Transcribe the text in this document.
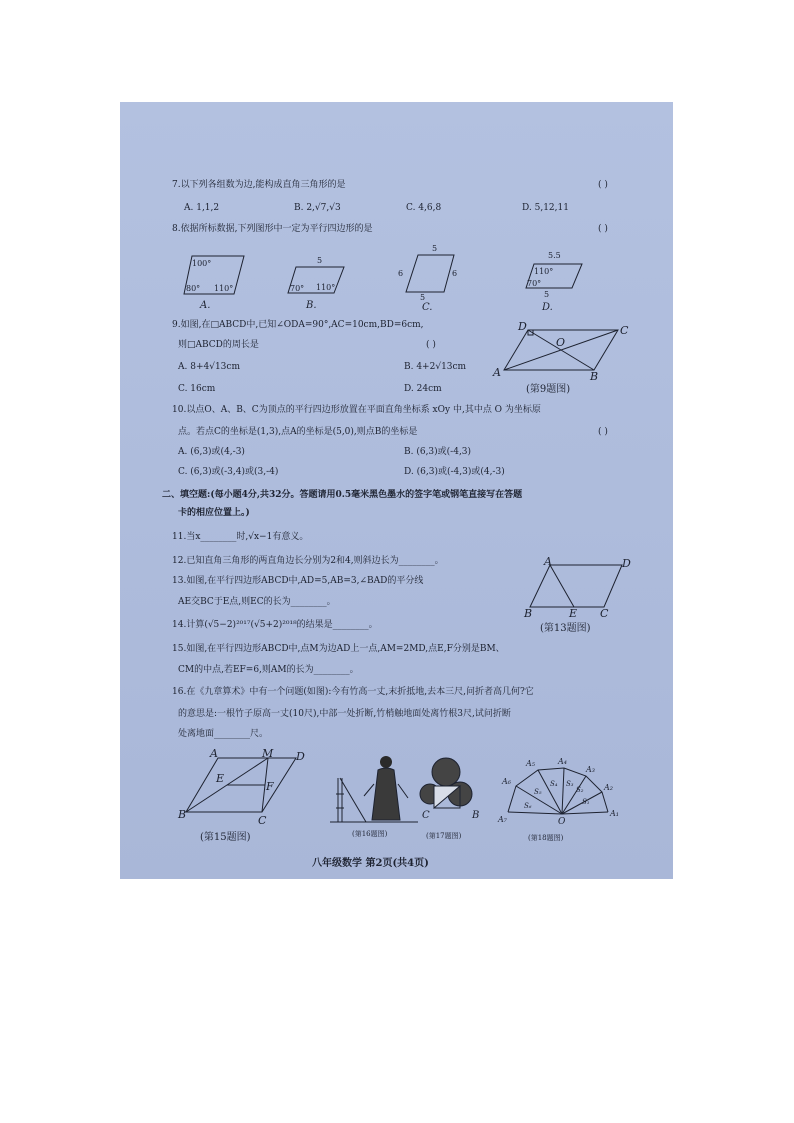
7.以下列各组数为边,能构成直角三角形的是	( )
A. 1,1,2	B. 2,√7,√3	C. 4,6,8	D. 5,12,11
8.依据所标数据,下列图形中一定为平行四边形的是	( )
100°
80° 110°
A.
5
70° 110°
B.
5
6	6
5
C.
5.5
110°
70°
5
D.
9.如图,在□ABCD中,已知∠ODA=90°,AC=10cm,BD=6cm,
则□ABCD的周长是	( )
A. 8+4√13cm	B. 4+2√13cm
C. 16cm	D. 24cm
D	C
O
A	B
(第9题图)
10.以点O、A、B、C为顶点的平行四边形放置在平面直角坐标系 xOy 中,其中点 O 为坐标原
点。若点C的坐标是(1,3),点A的坐标是(5,0),则点B的坐标是	( )
A. (6,3)或(4,-3)	B. (6,3)或(-4,3)
C. (6,3)或(-3,4)或(3,-4)	D. (6,3)或(-4,3)或(4,-3)
二、填空题:(每小题4分,共32分。答题请用0.5毫米黑色墨水的签字笔或钢笔直接写在答题
卡的相应位置上。)
11.当x________时,√x−1有意义。
12.已知直角三角形的两直角边长分别为2和4,则斜边长为________。
13.如图,在平行四边形ABCD中,AD=5,AB=3,∠BAD的平分线
AE交BC于E点,则EC的长为________。
14.计算(√5−2)²⁰¹⁷(√5+2)²⁰¹⁸的结果是________。
A	D
B	E C
(第13题图)
15.如图,在平行四边形ABCD中,点M为边AD上一点,AM=2MD,点E,F分别是BM、
CM的中点,若EF=6,则AM的长为________。
16.在《九章算术》中有一个问题(如图):今有竹高一丈,末折抵地,去本三尺,问折者高几何?它
的意思是:一根竹子原高一丈(10尺),中部一处折断,竹梢触地面处离竹根3尺,试问折断
处离地面________尺。
A	M D
E
F
B	C
(第15题图)	(第16题图)
C	B
(第17题图)
A₁
A₂
A₃
A₄
A₅
A₆
A₇
S₁
S₂
S₃
S₄
S₅
S₆
O
(第18题图)
八年级数学 第2页(共4页)
